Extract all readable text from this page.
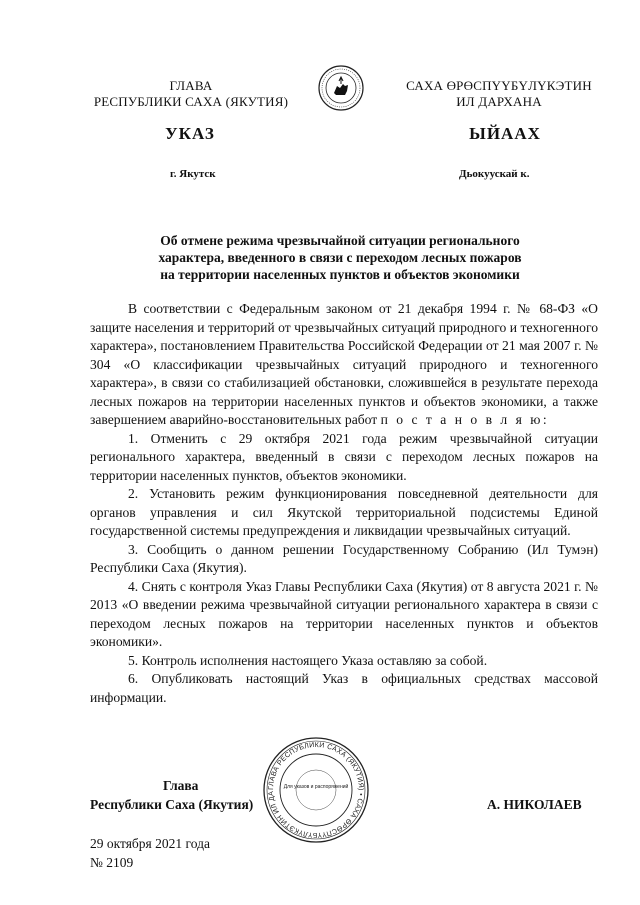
ГЛАВА
РЕСПУБЛИКИ САХА (ЯКУТИЯ)
САХА ӨРӨСПҮҮБҮЛҮКЭТИН
ИЛ ДАРХАНА
УКАЗ	ЫЙААХ
г. Якутск	Дьокуускай к.
Об отмене режима чрезвычайной ситуации регионального
характера, введенного в связи с переходом лесных пожаров
на территории населенных пунктов и объектов экономики

В соответствии с Федеральным законом от 21 декабря 1994 г. № 68-ФЗ «О защите населения и территорий от чрезвычайных ситуаций природного и техногенного характера», постановлением Правительства Российской Федерации от 21 мая 2007 г. № 304 «О классификации чрезвычайных ситуаций природного и техногенного характера», в связи со стабилизацией обстановки, сложившейся в результате перехода лесных пожаров на территории населенных пунктов и объектов экономики, а также завершением аварийно-восстановительных работ п о с т а н о в л я ю:

1. Отменить с 29 октября 2021 года режим чрезвычайной ситуации регионального характера, введенный в связи с переходом лесных пожаров на территории населенных пунктов, объектов экономики.

2. Установить режим функционирования повседневной деятельности для органов управления и сил Якутской территориальной подсистемы Единой государственной системы предупреждения и ликвидации чрезвычайных ситуаций.

3. Сообщить о данном решении Государственному Собранию (Ил Тумэн) Республики Саха (Якутия).

4. Снять с контроля Указ Главы Республики Саха (Якутия) от 8 августа 2021 г. № 2013 «О введении режима чрезвычайной ситуации регионального характера в связи с переходом лесных пожаров на территории населенных пунктов и объектов экономики».

5. Контроль исполнения настоящего Указа оставляю за собой.

6. Опубликовать настоящий Указ в официальных средствах массовой информации.

Глава
Республики Саха (Якутия)	А. НИКОЛАЕВ
ГЛАВА РЕСПУБЛИКИ САХА (ЯКУТИЯ) • САХА ӨРӨСПҮҮБҮЛҮКЭТИН ИЛ ДА
Для указов и распоряжений
29 октября 2021 года
№ 2109
